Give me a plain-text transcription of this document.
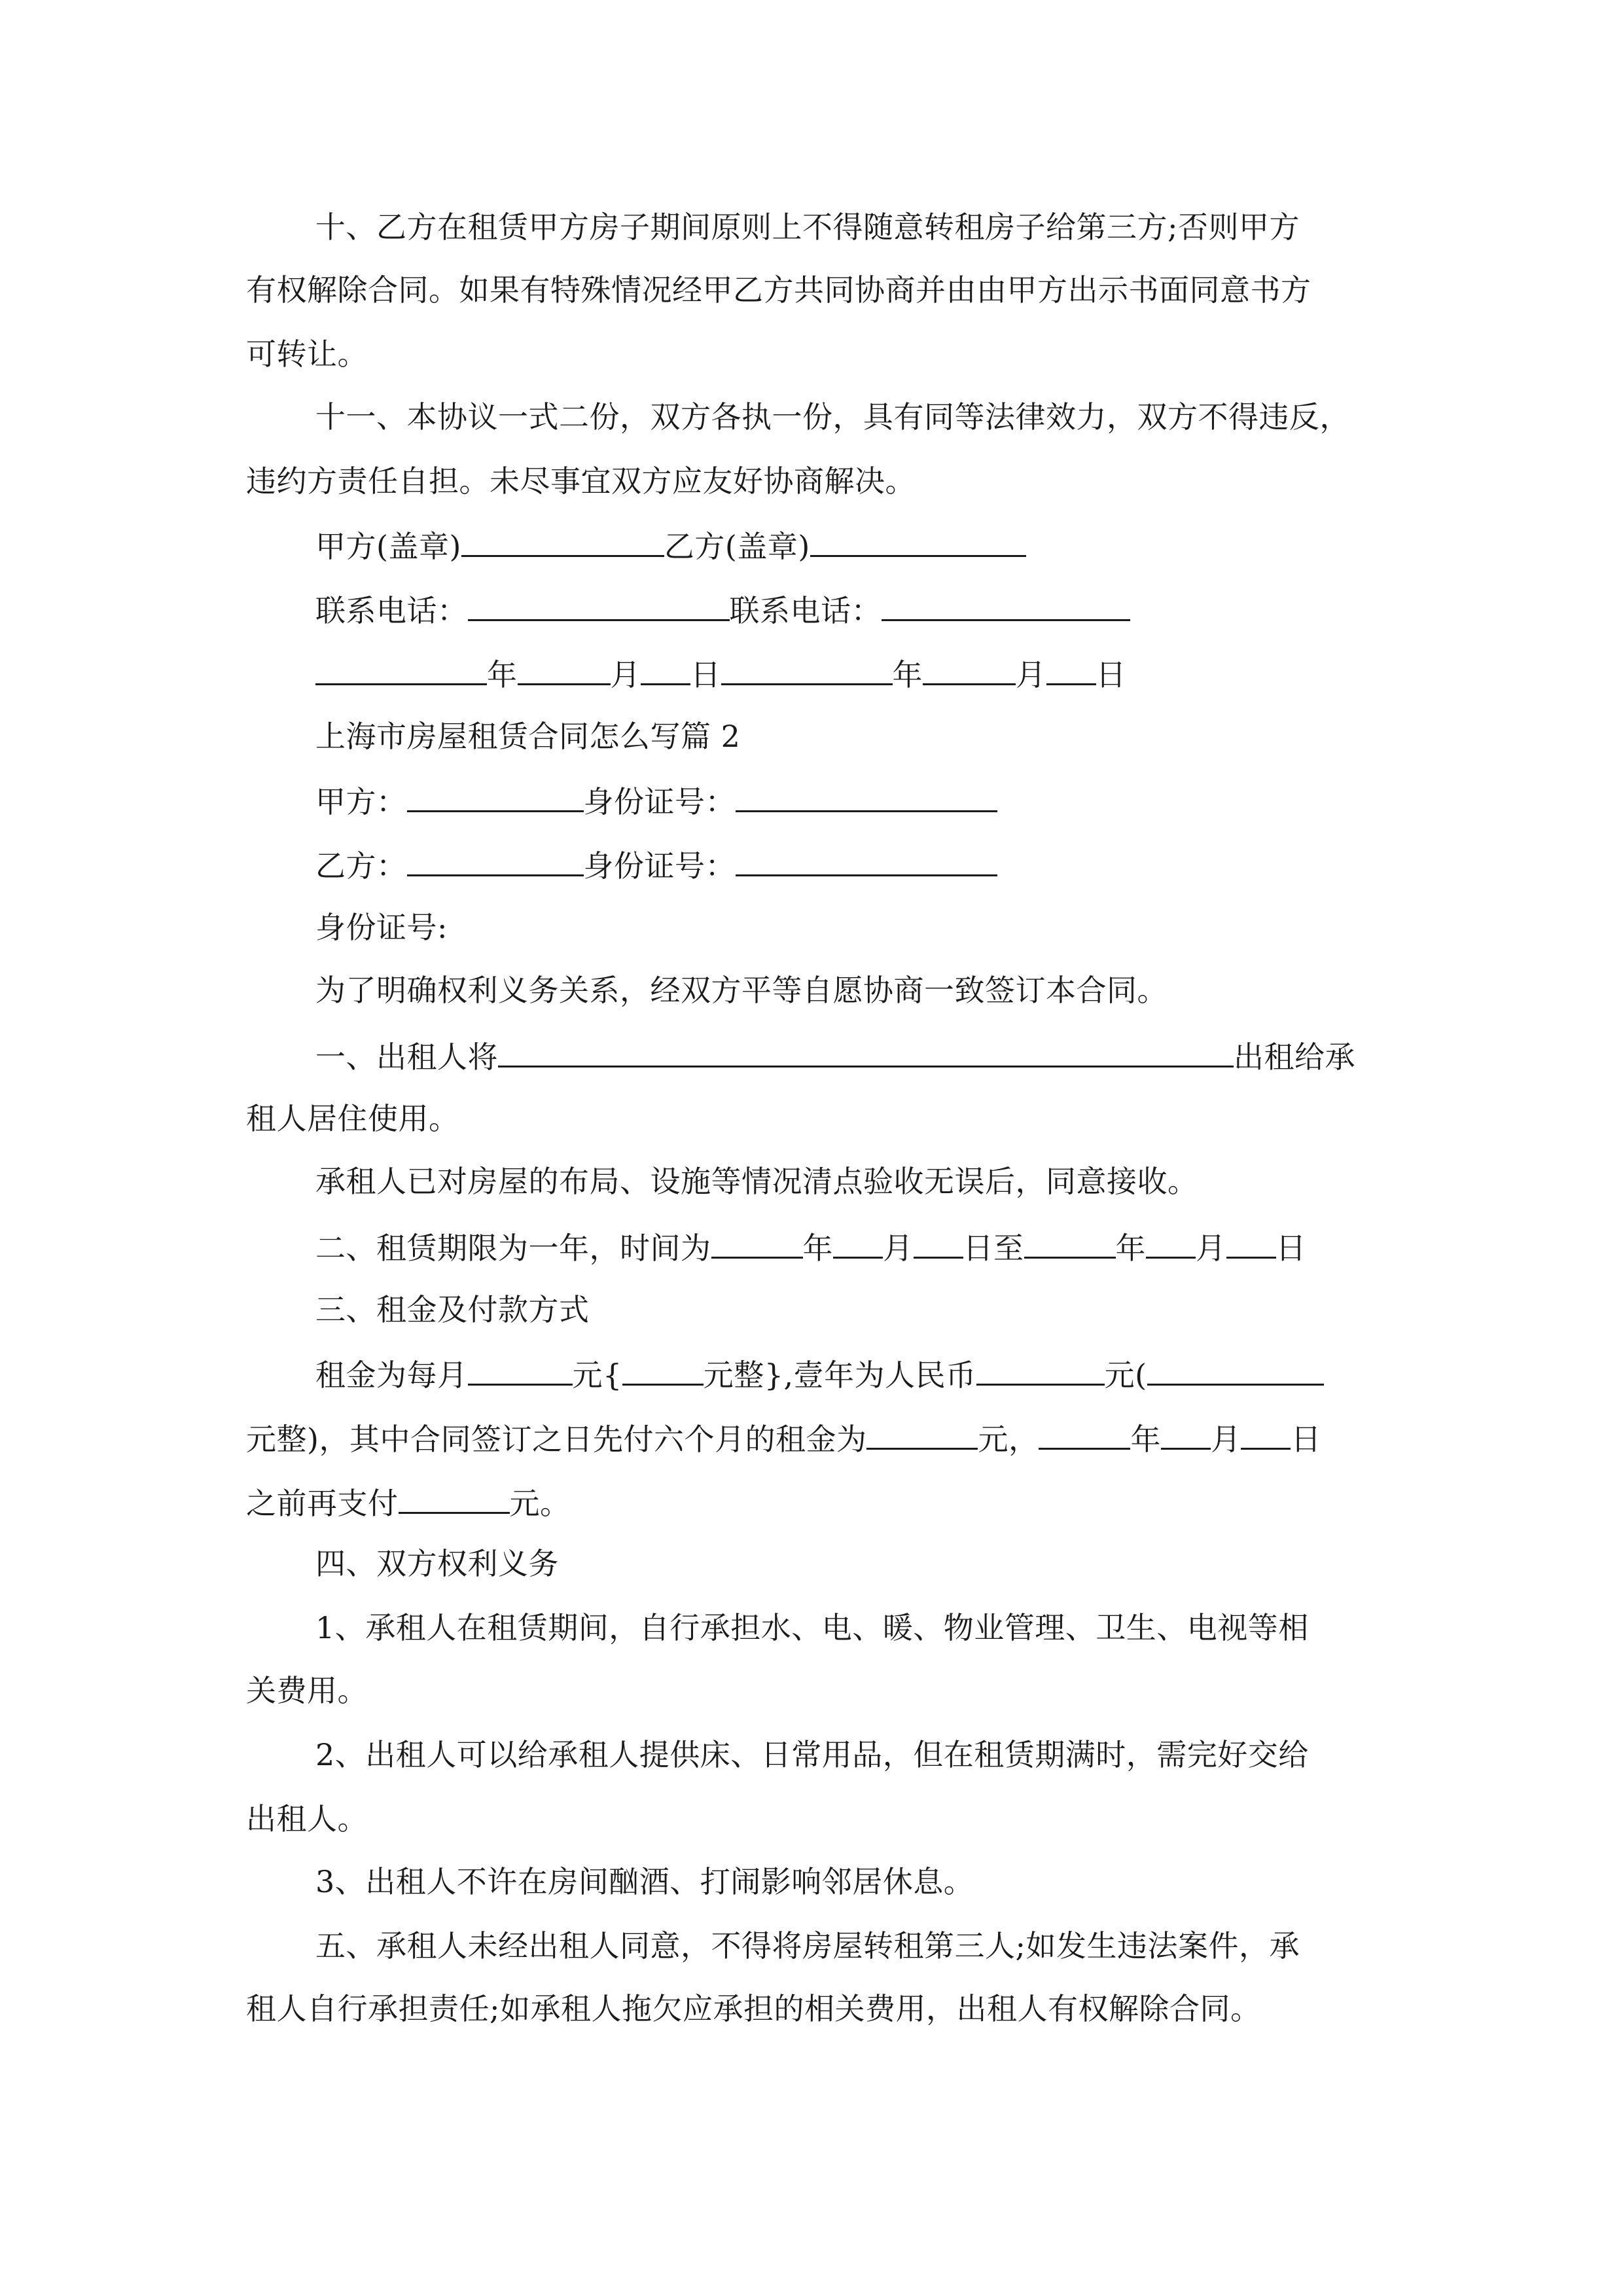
十、乙方在租赁甲方房子期间原则上不得随意转租房子给第三方;否则甲方
有权解除合同。如果有特殊情况经甲乙方共同协商并由由甲方出示书面同意书方
可转让。
十一、本协议一式二份，双方各执一份，具有同等法律效力，双方不得违反，
违约方责任自担。未尽事宜双方应友好协商解决。
甲方(盖章)	乙方(盖章)
联系电话：	联系电话：
年	月 日	年	月 日
上海市房屋租赁合同怎么写篇 2
甲方：	身份证号：
乙方：	身份证号：
身份证号:
为了明确权利义务关系，经双方平等自愿协商一致签订本合同。
一、出租人将	出租给承
租人居住使用。
承租人已对房屋的布局、设施等情况清点验收无误后，同意接收。
二、租赁期限为一年，时间为	年 月 日至	年 月 日
三、租金及付款方式
租金为每月	元{	元整},壹年为人民币	元(
元整)，其中合同签订之日先付六个月的租金为	元，	年 月 日
之前再支付	元。
四、双方权利义务
1、承租人在租赁期间，自行承担水、电、暖、物业管理、卫生、电视等相
关费用。
2、出租人可以给承租人提供床、日常用品，但在租赁期满时，需完好交给
出租人。
3、出租人不许在房间酗酒、打闹影响邻居休息。
五、承租人未经出租人同意，不得将房屋转租第三人;如发生违法案件，承
租人自行承担责任;如承租人拖欠应承担的相关费用，出租人有权解除合同。
